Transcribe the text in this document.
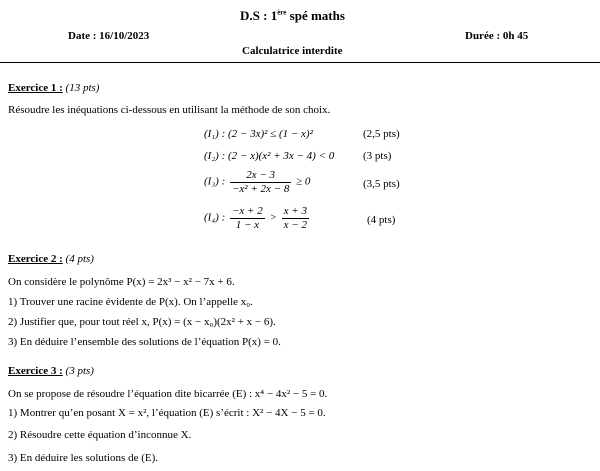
D.S : 1ère spé maths
Date : 16/10/2023	Durée : 0h 45
Calculatrice interdite
Exercice 1 : (13 pts)
Résoudre les inéquations ci-dessous en utilisant la méthode de son choix.
(I₁) : (2 − 3x)² ≤ (1 − x)²	(2,5 pts)
(I₂) : (2 − x)(x² + 3x − 4) < 0	(3 pts)
(I₃) : $\frac{2x - 3}{\text{−x² + 2x − 8}} \ge 0$	(3,5 pts)
(I₄) : $\frac{-x + 2}{1 - x} > \frac{x + 3}{x - 2}$	(4 pts)
Exercice 2 : (4 pts)
On considère le polynôme P(x) = 2x³ − x² − 7x + 6.
1) Trouver une racine évidente de P(x). On l’appelle x₀.
2) Justifier que, pour tout réel x, P(x) = (x − x₀)(2x² + x − 6).
3) En déduire l’ensemble des solutions de l’équation P(x) = 0.
Exercice 3 : (3 pts)
On se propose de résoudre l’équation dite bicarrée (E) : x⁴ − 4x² − 5 = 0.
1) Montrer qu’en posant X = x², l’équation (E) s’écrit : X² − 4X − 5 = 0.
2) Résoudre cette équation d’inconnue X.
3) En déduire les solutions de (E).
